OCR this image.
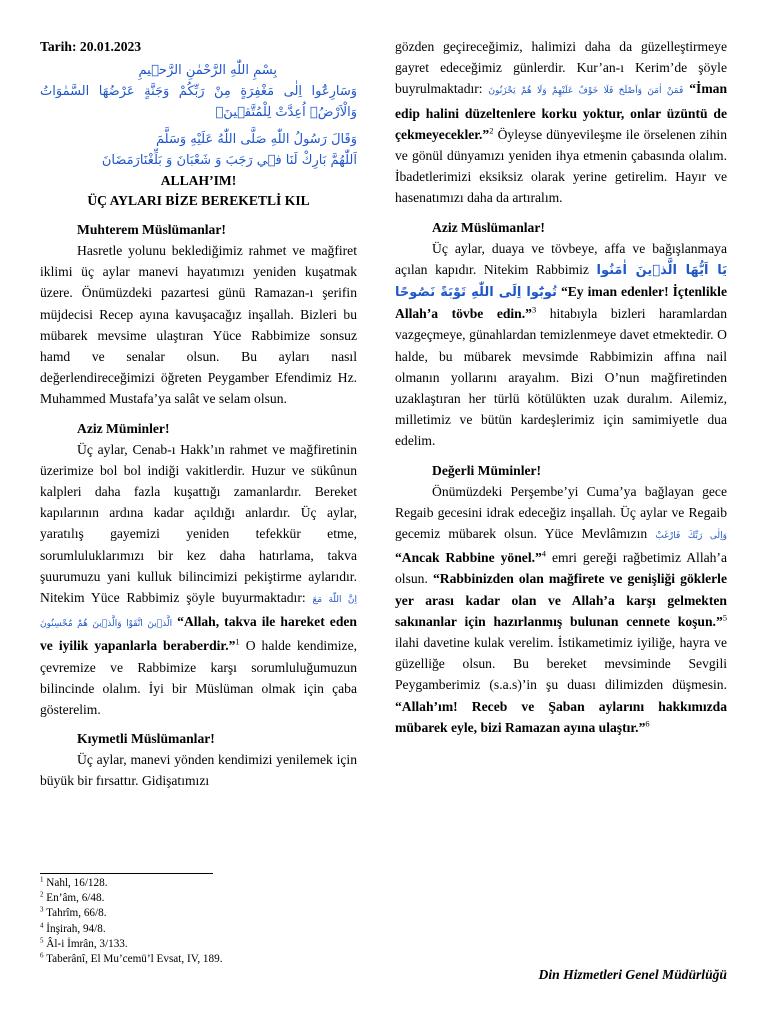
Tarih: 20.01.2023
بِسْمِ اللّٰهِ الرَّحْمٰنِ الرَّح۪يمِ
وَسَارِعُٓوا اِلٰى مَغْفِرَةٍ مِنْ رَبِّكُمْ وَجَنَّةٍ عَرْضُهَا السَّمٰوَاتُ وَالْاَرْضُۙ اُعِدَّتْ لِلْمُتَّق۪ينَۙ
وَقَالَ رَسُولُ اللّٰهِ صَلَّى اللّٰهُ عَلَيْهِ وَسَلَّمَ
اَللّٰهُمَّ بَارِكْ لَنَا ف۪ي رَجَبَ وَ شَعْبَانَ وَ بَلِّغْنَارَمَضَانَ
ALLAH’IM!
ÜÇ AYLARI BİZE BEREKETLİ KIL
Muhterem Müslümanlar!

Hasretle yolunu beklediğimiz rahmet ve mağfiret iklimi üç aylar manevi hayatımızı yeniden kuşatmak üzere. Önümüzdeki pazartesi günü Ramazan-ı şerifin müjdecisi Recep ayına kavuşacağız inşallah. Bizleri bu mübarek mevsime ulaştıran Yüce Rabbimize sonsuz hamd ve senalar olsun. Bu ayları nasıl değerlendireceğimizi öğreten Peygamber Efendimiz Hz. Muhammed Mustafa’ya salât ve selam olsun.

Aziz Müminler!

Üç aylar, Cenab-ı Hakk’ın rahmet ve mağfiretinin üzerimize bol bol indiği vakitlerdir. Huzur ve sükûnun kalpleri daha fazla kuşattığı zamanlardır. Bereket kapılarının ardına kadar açıldığı anlardır. Üç aylar, yaratılış gayemizi yeniden tefekkür etme, sorumluluklarımızı bir kez daha hatırlama, takva şuurumuzu yani kulluk bilincimizi pekiştirme aylarıdır. Nitekim Yüce Rabbimiz şöyle buyurmaktadır: اِنَّ اللّٰهَ مَعَ الَّذ۪ينَ اتَّقَوْا وَالَّذ۪ينَ هُمْ مُحْسِنُونَ “Allah, takva ile hareket eden ve iyilik yapanlarla beraberdir.”$^1$ O halde kendimize, çevremize ve Rabbimize karşı sorumluluğumuzun bilincinde olalım. İyi bir Müslüman olmak için çaba gösterelim.

Kıymetli Müslümanlar!

Üç aylar, manevi yönden kendimizi yenilemek için büyük bir fırsattır. Gidişatımızı

gözden geçireceğimiz, halimizi daha da güzelleştirmeye gayret edeceğimiz günlerdir. Kur’an-ı Kerim’de şöyle buyrulmaktadır: فَمَنْ اٰمَنَ وَاَصْلَحَ فَلَا خَوْفٌ عَلَيْهِمْ وَلَا هُمْ يَحْزَنُونَ “İman edip halini düzeltenlere korku yoktur, onlar üzüntü de çekmeyecekler.”$^2$ Öyleyse dünyevileşme ile örselenen zihin ve gönül dünyamızı yeniden ihya etmenin çabasında olalım. İbadetlerimizi eksiksiz olarak yerine getirelim. Hayır ve hasenatımızı daha da artıralım.

Aziz Müslümanlar!

Üç aylar, duaya ve tövbeye, affa ve bağışlanmaya açılan kapıdır. Nitekim Rabbimiz يَا اَيُّهَا الَّذ۪ينَ اٰمَنُوا تُوبُٓوا اِلَى اللّٰهِ تَوْبَةً نَصُوحًا “Ey iman edenler! İçtenlikle Allah’a tövbe edin.”$^3$ hitabıyla bizleri haramlardan vazgeçmeye, günahlardan temizlenmeye davet etmektedir. O halde, bu mübarek mevsimde Rabbimizin affına nail olmanın yollarını arayalım. Bizi O’nun mağfiretinden uzaklaştıran her türlü kötülükten uzak duralım. Ailemiz, milletimiz ve bütün kardeşlerimiz için samimiyetle dua edelim.

Değerli Müminler!

Önümüzdeki Perşembe’yi Cuma’ya bağlayan gece Regaib gecesini idrak edeceğiz inşallah. Üç aylar ve Regaib gecemiz mübarek olsun. Yüce Mevlâmızın وَاِلٰى رَبِّكَ فَارْغَبْ “Ancak Rabbine yönel.”$^4$ emri gereği rağbetimiz Allah’a olsun. “Rabbinizden olan mağfirete ve genişliği göklerle yer arası kadar olan ve Allah’a karşı gelmekten sakınanlar için hazırlanmış bulunan cennete koşun.”$^5$ ilahi davetine kulak verelim. İstikametimiz iyiliğe, hayra ve güzelliğe olsun. Bu bereket mevsiminde Sevgili Peygamberimiz (s.a.s)’in şu duası dilimizden düşmesin. “Allah’ım! Receb ve Şaban aylarını hakkımızda mübarek eyle, bizi Ramazan ayına ulaştır.”$^6$

$^1$ Nahl, 16/128.
$^2$ En’âm, 6/48.
$^3$ Tahrîm, 66/8.
$^4$ İnşirah, 94/8.
$^5$ Âl-i İmrân, 3/133.
$^6$ Taberânî, El Mu’cemü’l Evsat, IV, 189.
Din Hizmetleri Genel Müdürlüğü
